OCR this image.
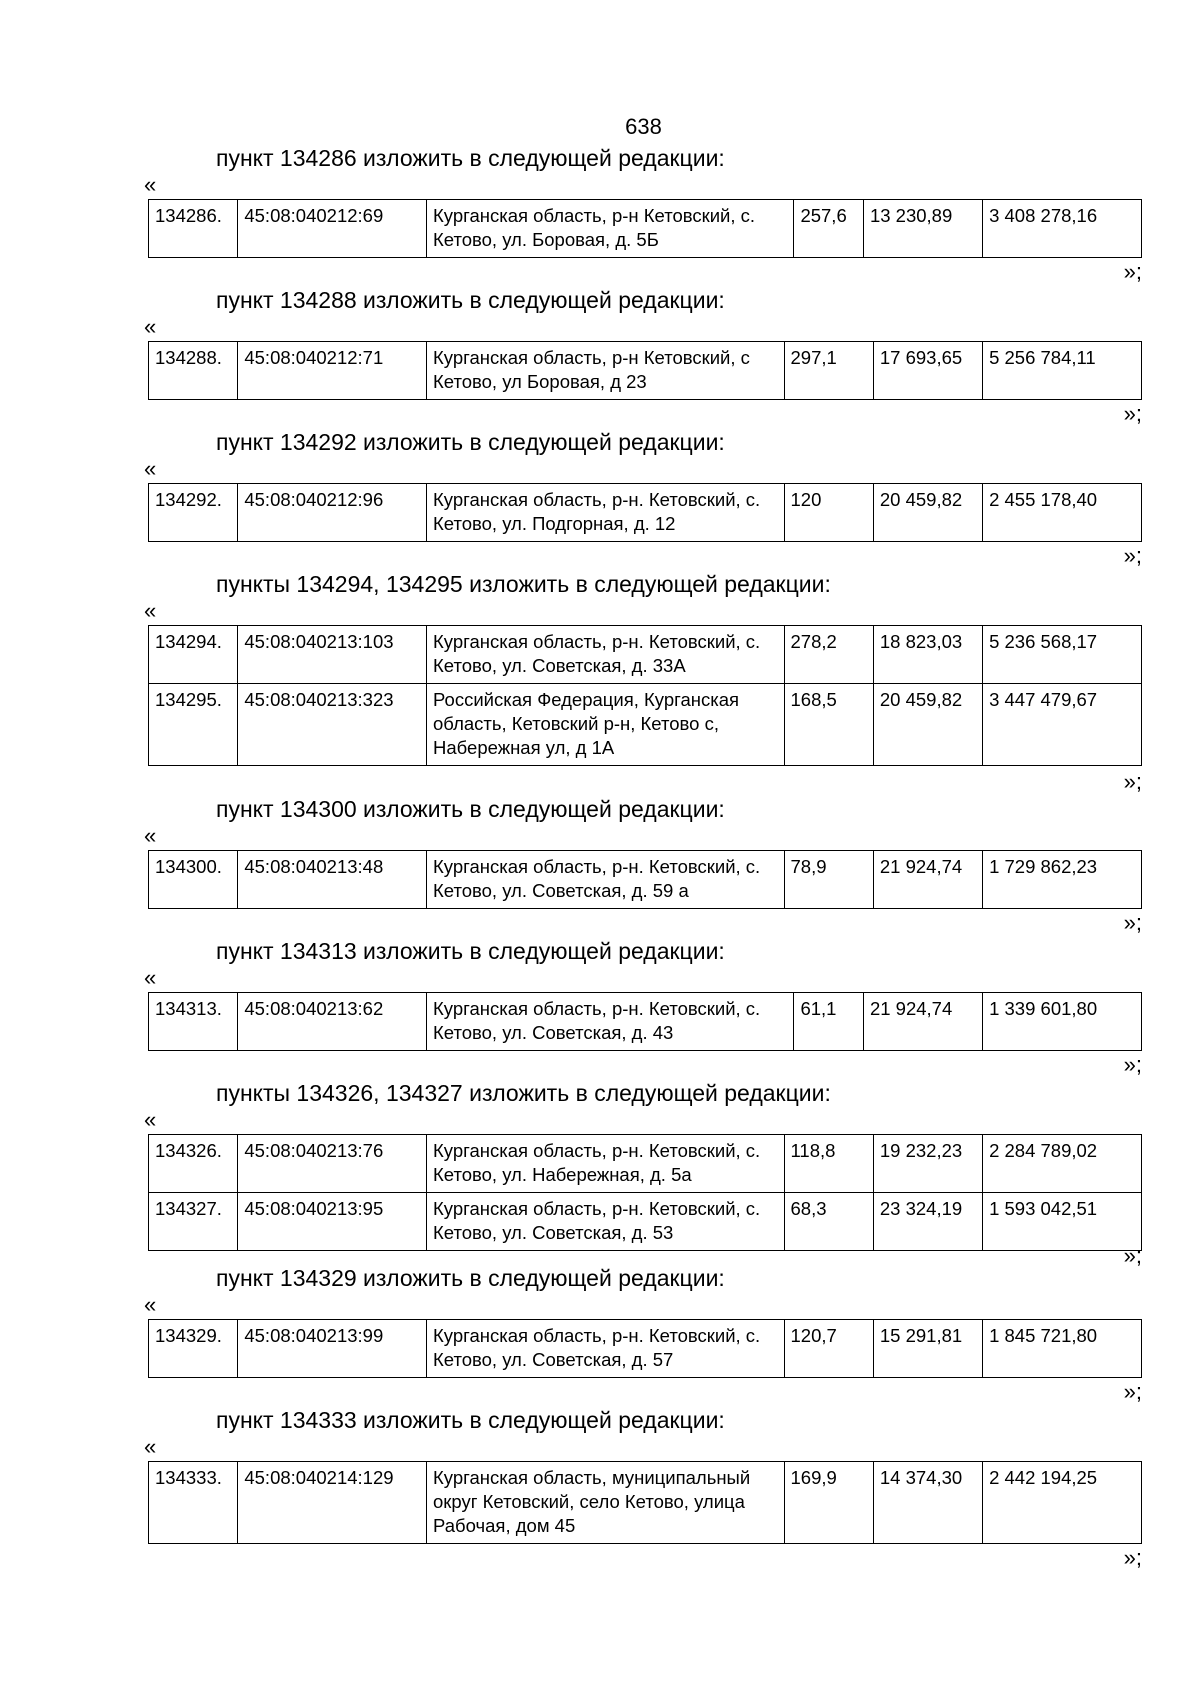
638
пункт 134286 изложить в следующей редакции:
«
134286.	45:08:040212:69	Курганская область, р-н Кетовский, с. Кетово, ул. Боровая, д. 5Б	257,6	13 230,89	3 408 278,16
»;
пункт 134288 изложить в следующей редакции:
«
134288.	45:08:040212:71	Курганская область, р-н Кетовский, с Кетово, ул Боровая, д 23	297,1	17 693,65	5 256 784,11
»;
пункт 134292 изложить в следующей редакции:
«
134292.	45:08:040212:96	Курганская область, р-н. Кетовский, с. Кетово, ул. Подгорная, д. 12	120	20 459,82	2 455 178,40
»;
пункты 134294, 134295 изложить в следующей редакции:
«
134294.	45:08:040213:103	Курганская область, р-н. Кетовский, с. Кетово, ул. Советская, д. 33А	278,2	18 823,03	5 236 568,17
134295.	45:08:040213:323	Российская Федерация, Курганская область, Кетовский р-н, Кетово с, Набережная ул, д 1А	168,5	20 459,82	3 447 479,67
»;
пункт 134300 изложить в следующей редакции:
«
134300.	45:08:040213:48	Курганская область, р-н. Кетовский, с. Кетово, ул. Советская, д. 59 а	78,9	21 924,74	1 729 862,23
»;
пункт 134313 изложить в следующей редакции:
«
134313.	45:08:040213:62	Курганская область, р-н. Кетовский, с. Кетово, ул. Советская, д. 43	61,1	21 924,74	1 339 601,80
»;
пункты 134326, 134327 изложить в следующей редакции:
«
134326.	45:08:040213:76	Курганская область, р-н. Кетовский, с. Кетово, ул. Набережная, д. 5а	118,8	19 232,23	2 284 789,02
134327.	45:08:040213:95	Курганская область, р-н. Кетовский, с. Кетово, ул. Советская, д. 53	68,3	23 324,19	1 593 042,51
»;
пункт 134329 изложить в следующей редакции:
«
134329.	45:08:040213:99	Курганская область, р-н. Кетовский, с. Кетово, ул. Советская, д. 57	120,7	15 291,81	1 845 721,80
»;
пункт 134333 изложить в следующей редакции:
«
134333.	45:08:040214:129	Курганская область, муниципальный округ Кетовский, село Кетово, улица Рабочая, дом 45	169,9	14 374,30	2 442 194,25
»;
